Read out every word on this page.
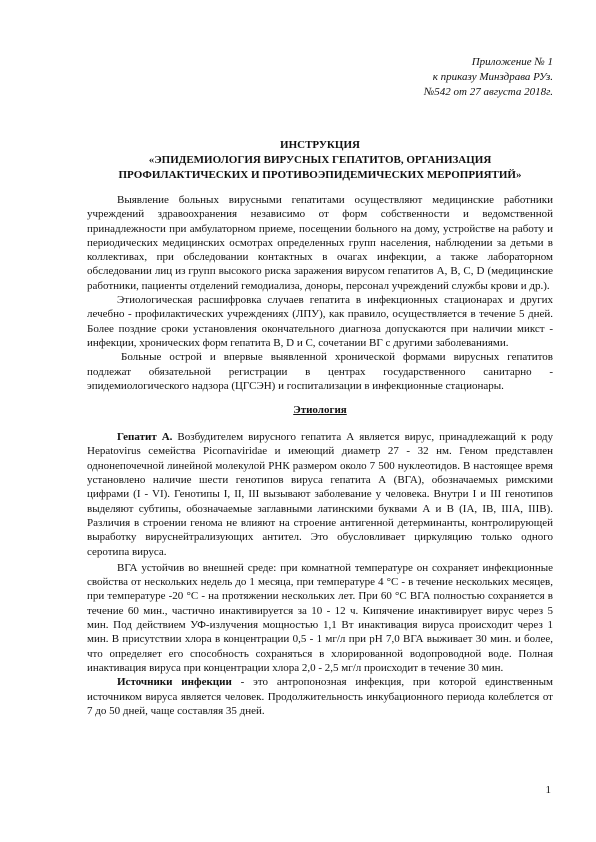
Приложение № 1
к приказу Минздрава РУз.
№542 от 27 августа 2018г.
ИНСТРУКЦИЯ
«ЭПИДЕМИОЛОГИЯ ВИРУСНЫХ ГЕПАТИТОВ, ОРГАНИЗАЦИЯ
ПРОФИЛАКТИЧЕСКИХ И ПРОТИВОЭПИДЕМИЧЕСКИХ МЕРОПРИЯТИЙ»

Выявление больных вирусными гепатитами осуществляют медицинские работники учреждений здравоохранения независимо от форм собственности и ведомственной принадлежности при амбулаторном приеме, посещении больного на дому, устройстве на работу и периодических медицинских осмотрах определенных групп населения, наблюдении за детьми в коллективах, при обследовании контактных в очагах инфекции, а также лабораторном обследовании лиц из групп высокого риска заражения вирусом гепатитов A, B, C, D (медицинские работники, пациенты отделений гемодиализа, доноры, персонал учреждений службы крови и др.).

Этиологическая расшифровка случаев гепатита в инфекционных стационарах и других лечебно - профилактических учреждениях (ЛПУ), как правило, осуществляется в течение 5 дней. Более поздние сроки установления окончательного диагноза допускаются при наличии микст - инфекции, хронических форм гепатита B, D и C, сочетании ВГ с другими заболеваниями.

Больные острой и впервые выявленной хронической формами вирусных гепатитов подлежат обязательной регистрации в центрах государственного санитарно - эпидемиологического надзора (ЦГСЭН) и госпитализации в инфекционные стационары.

Этиология

Гепатит А. Возбудителем вирусного гепатита А является вирус, принадлежащий к роду Hepatovirus семейства Picornaviridae и имеющий диаметр 27 - 32 нм. Геном представлен однонепочечной линейной молекулой РНК размером около 7 500 нуклеотидов. В настоящее время установлено наличие шести генотипов вируса гепатита А (ВГА), обозначаемых римскими цифрами (I - VI). Генотипы I, II, III вызывают заболевание у человека. Внутри I и III генотипов выделяют субтипы, обозначаемые заглавными латинскими буквами А и В (IA, IB, IIIA, IIIB). Различия в строении генома не влияют на строение антигенной детерминанты, контролирующей выработку вируснейтрализующих антител. Это обусловливает циркуляцию только одного серотипа вируса.

ВГА устойчив во внешней среде: при комнатной температуре он сохраняет инфекционные свойства от нескольких недель до 1 месяца, при температуре 4 °С - в течение нескольких месяцев, при температуре -20 °С - на протяжении нескольких лет. При 60 °С ВГА полностью сохраняется в течение 60 мин., частично инактивируется за 10 - 12 ч. Кипячение инактивирует вирус через 5 мин. Под действием УФ-излучения мощностью 1,1 Вт инактивация вируса происходит через 1 мин. В присутствии хлора в концентрации 0,5 - 1 мг/л при pH 7,0 ВГА выживает 30 мин. и более, что определяет его способность сохраняться в хлорированной водопроводной воде. Полная инактивация вируса при концентрации хлора 2,0 - 2,5 мг/л происходит в течение 30 мин.

Источники инфекции - это антропонозная инфекция, при которой единственным источником вируса является человек. Продолжительность инкубационного периода колеблется от 7 до 50 дней, чаще составляя 35 дней.

1
